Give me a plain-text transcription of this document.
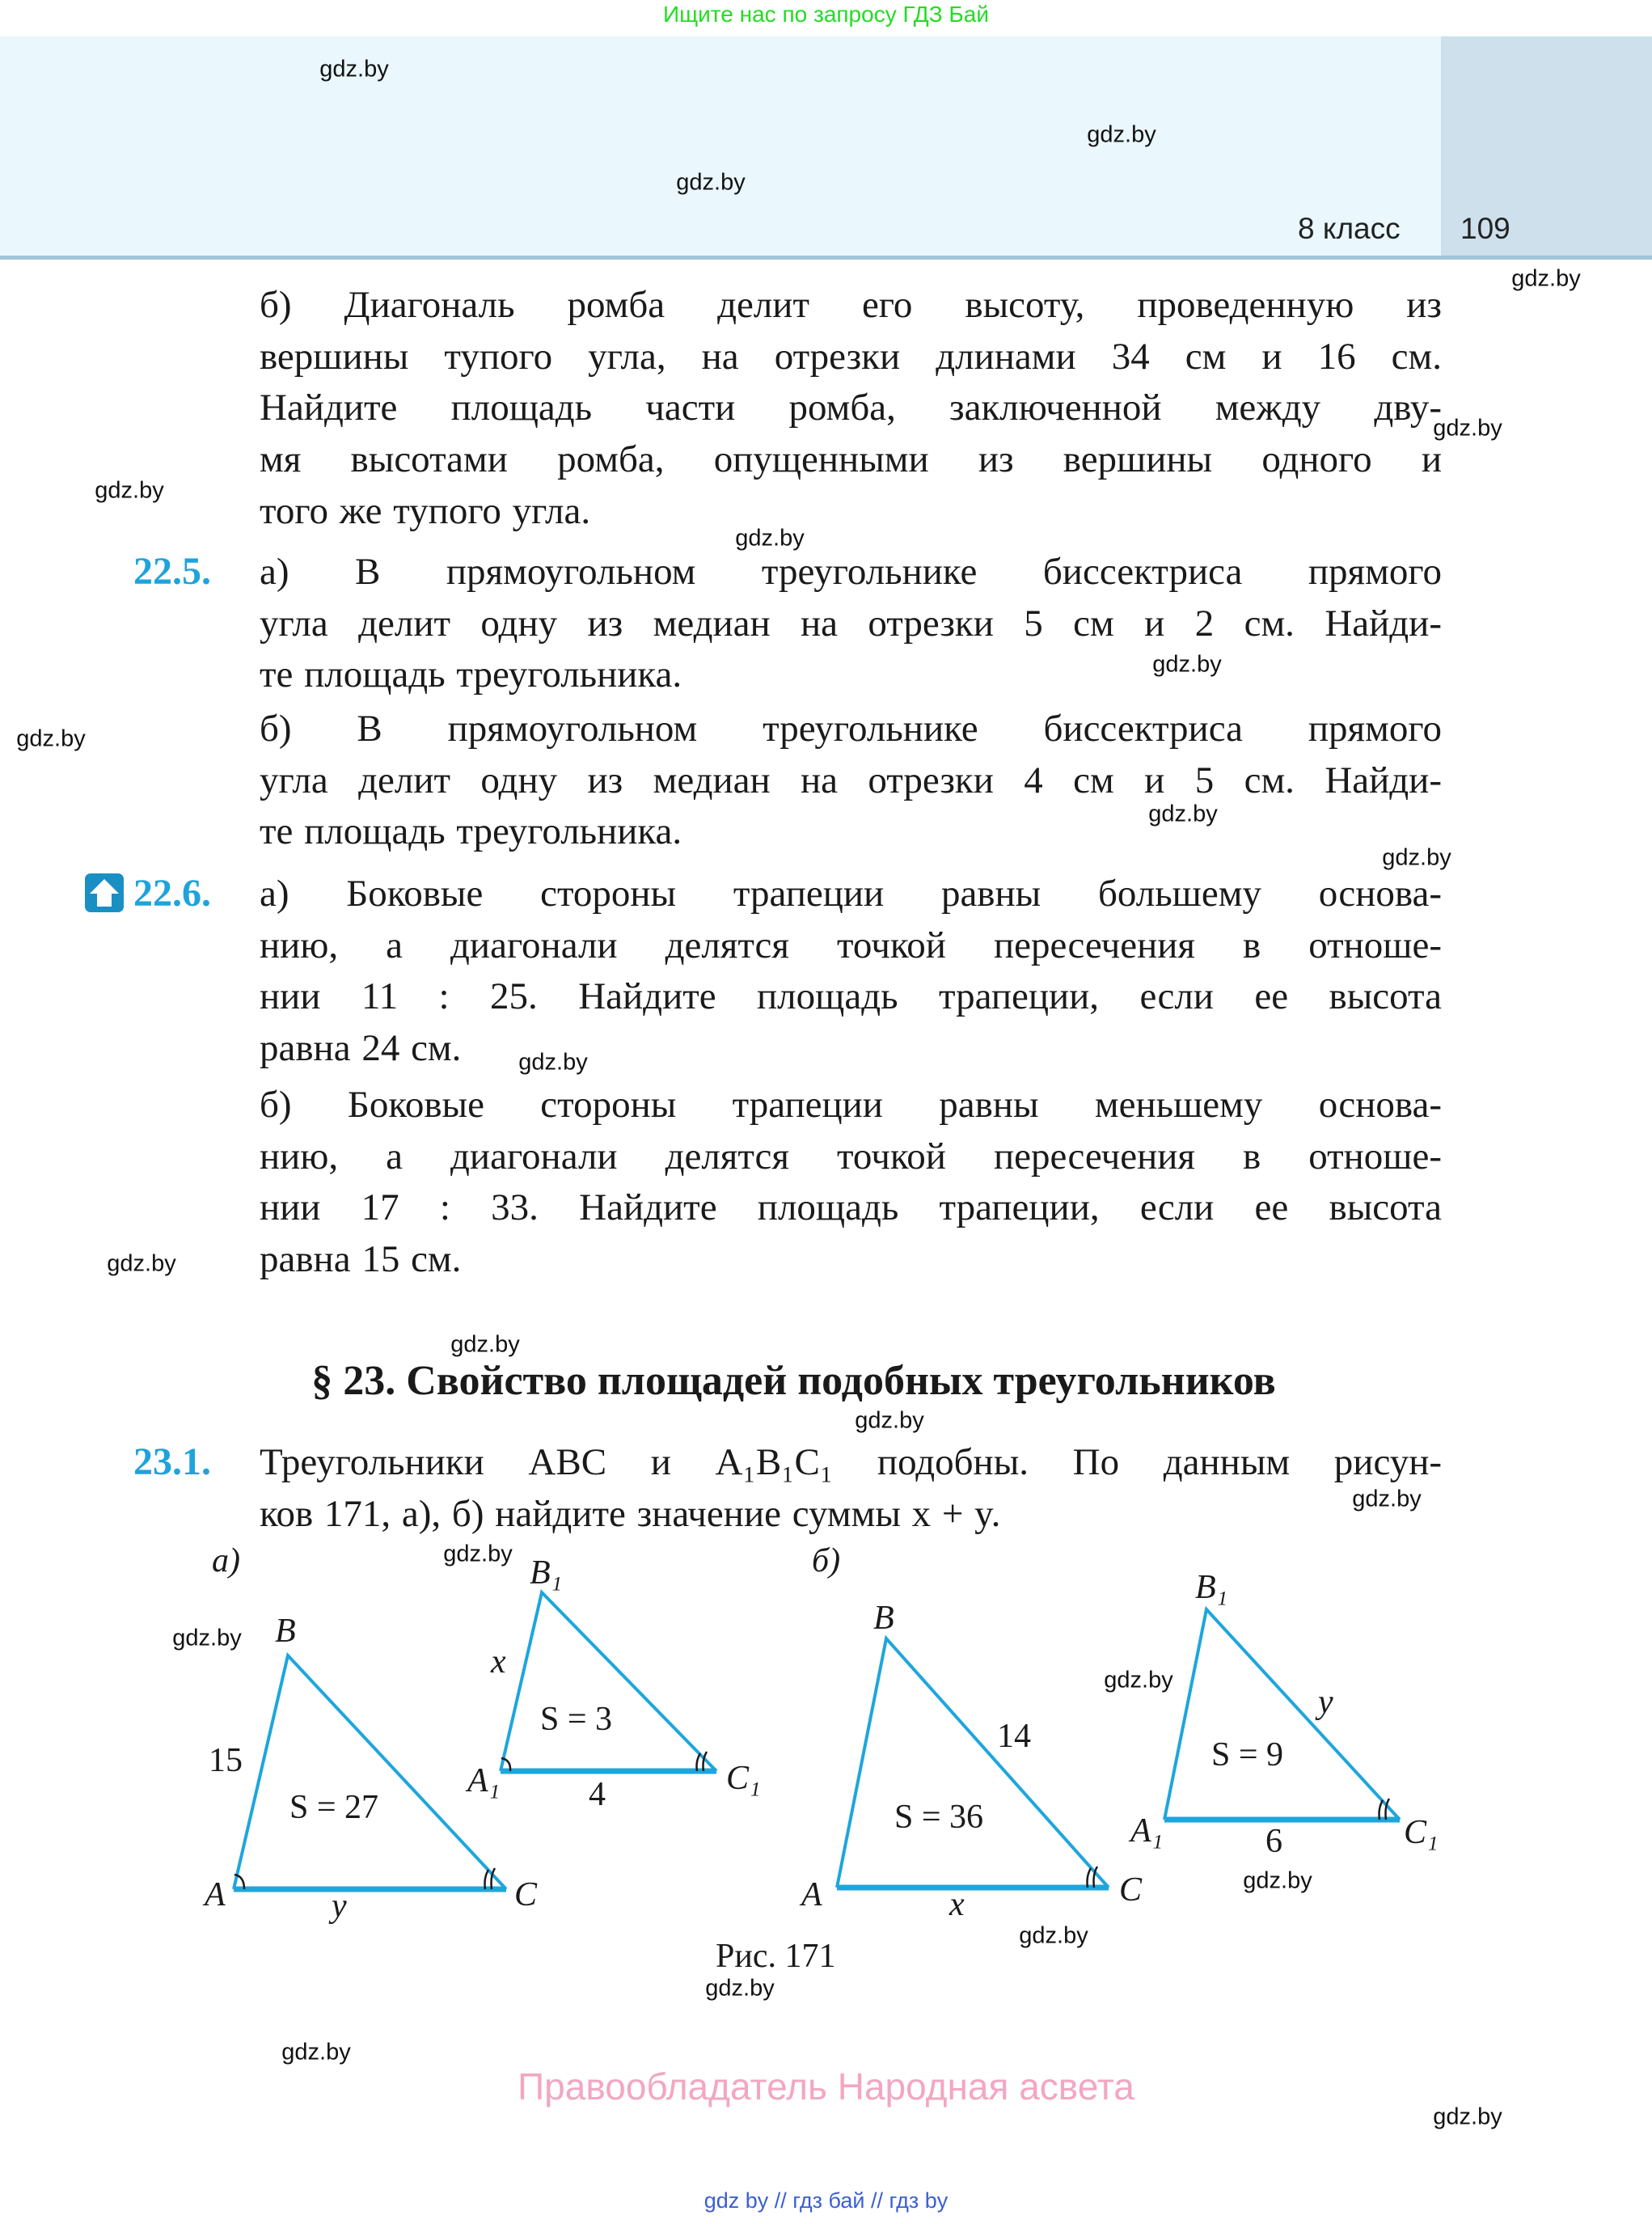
Ищите нас по запросу ГДЗ Бай
8 класс 109
б) Диагональ ромба делит его высоту, проведенную из
вершины тупого угла, на отрезки длинами 34 см и 16 см.
Найдите площадь части ромба, заключенной между дву-
мя высотами ромба, опущенными из вершины одного и
того же тупого угла.
22.5. а) В прямоугольном треугольнике биссектриса прямого
угла делит одну из медиан на отрезки 5 см и 2 см. Найди-
те площадь треугольника.
б) В прямоугольном треугольнике биссектриса прямого
угла делит одну из медиан на отрезки 4 см и 5 см. Найди-
те площадь треугольника.
22.6. а) Боковые стороны трапеции равны большему основа-
нию, а диагонали делятся точкой пересечения в отноше-
нии 11 : 25. Найдите площадь трапеции, если ее высота
равна 24 см.
б) Боковые стороны трапеции равны меньшему основа-
нию, а диагонали делятся точкой пересечения в отноше-
нии 17 : 33. Найдите площадь трапеции, если ее высота
равна 15 см.
23.1. Треугольники ABC и A₁B₁C₁ подобны. По данным рисун-
ков 171, а), б) найдите значение суммы x + y.
§ 23. Свойство площадей подобных треугольников
а)
B
15
S = 27
A	C
y
B₁
x
S = 3
A₁	4	C₁
б)
B
14
S = 36
A	C
x
B₁
y
S = 9
A₁	6	C₁
Рис. 171
gdz.by
gdz.by
gdz.by
gdz.by
gdz.by
gdz.by
gdz.by
gdz.by
gdz.by
gdz.by
gdz.by
gdz.by
gdz.by
gdz.by
gdz.by
gdz.by
gdz.by
gdz.by
gdz.by
gdz.by
gdz.by
gdz.by
gdz.by
gdz.by
Правообладатель Народная асвета
gdz by // гдз бай // гдз by
